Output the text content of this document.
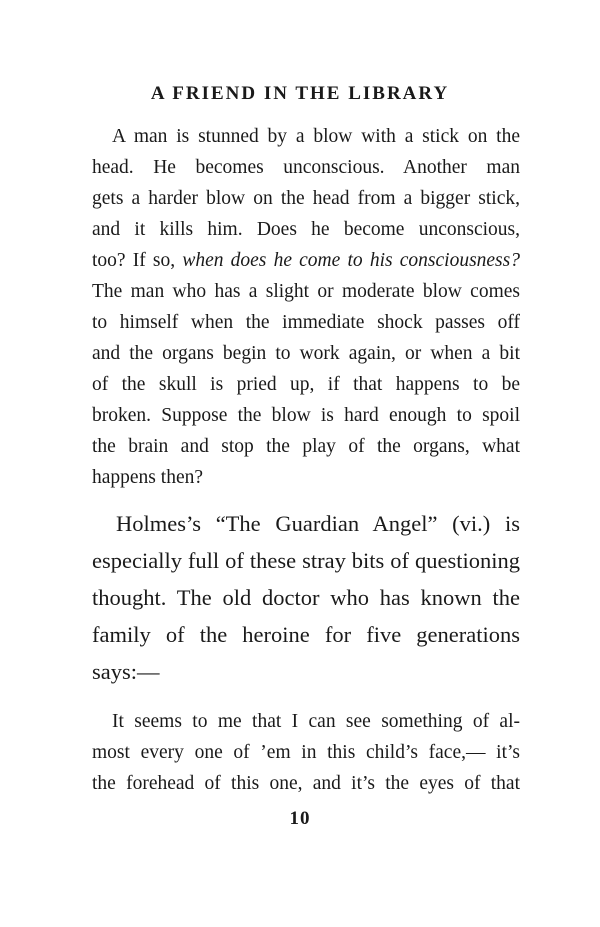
A FRIEND IN THE LIBRARY
A man is stunned by a blow with a stick on the
head. He becomes unconscious. Another man
gets a harder blow on the head from a bigger stick,
and it kills him. Does he become unconscious,
too? If so, when does he come to his consciousness?
The man who has a slight or moderate blow comes
to himself when the immediate shock passes off
and the organs begin to work again, or when a bit
of the skull is pried up, if that happens to be
broken. Suppose the blow is hard enough to spoil
the brain and stop the play of the organs, what
happens then?
Holmes’s “The Guardian Angel” (vi.) is
especially full of these stray bits of questioning
thought. The old doctor who has known the
family of the heroine for five generations
says:—
It seems to me that I can see something of al-
most every one of ’em in this child’s face,— it’s
the forehead of this one, and it’s the eyes of that
10
